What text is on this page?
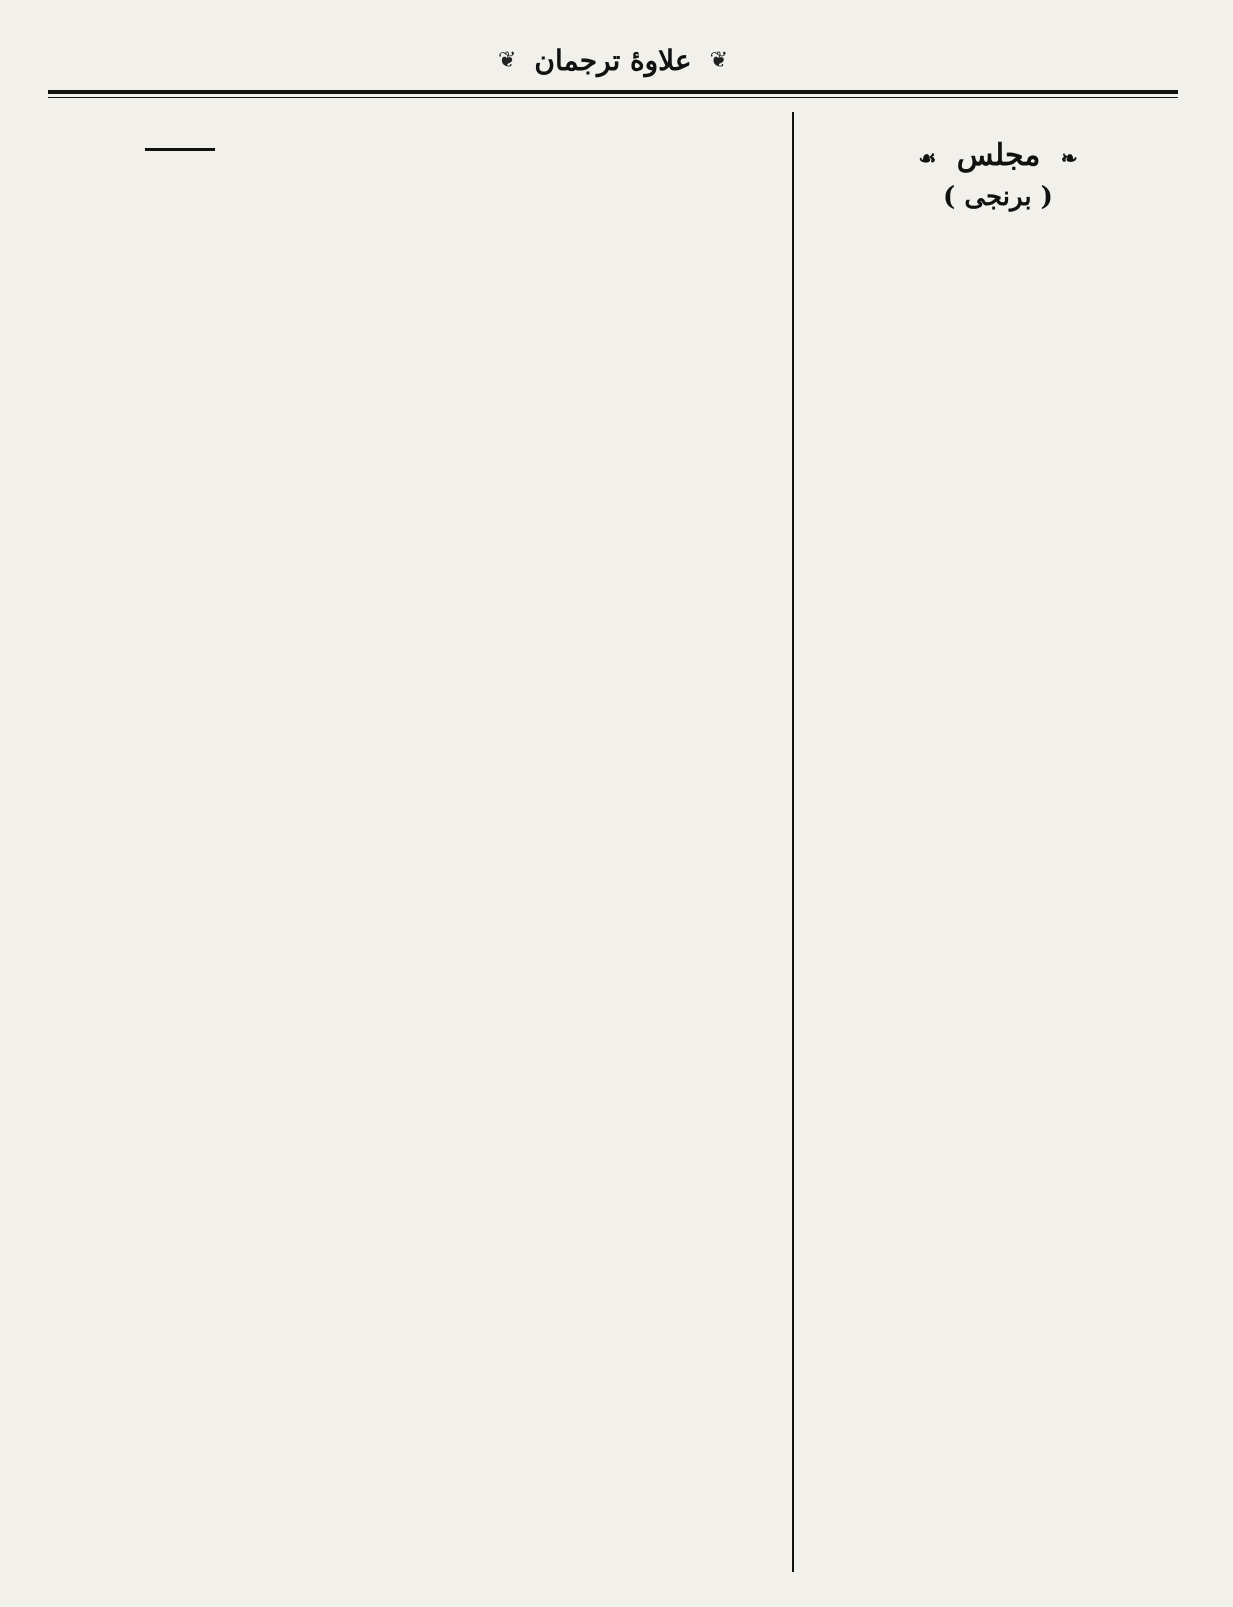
❦
علاوهٔ ترجمان
❦
❧ مجلس ☙
( برنجی )
